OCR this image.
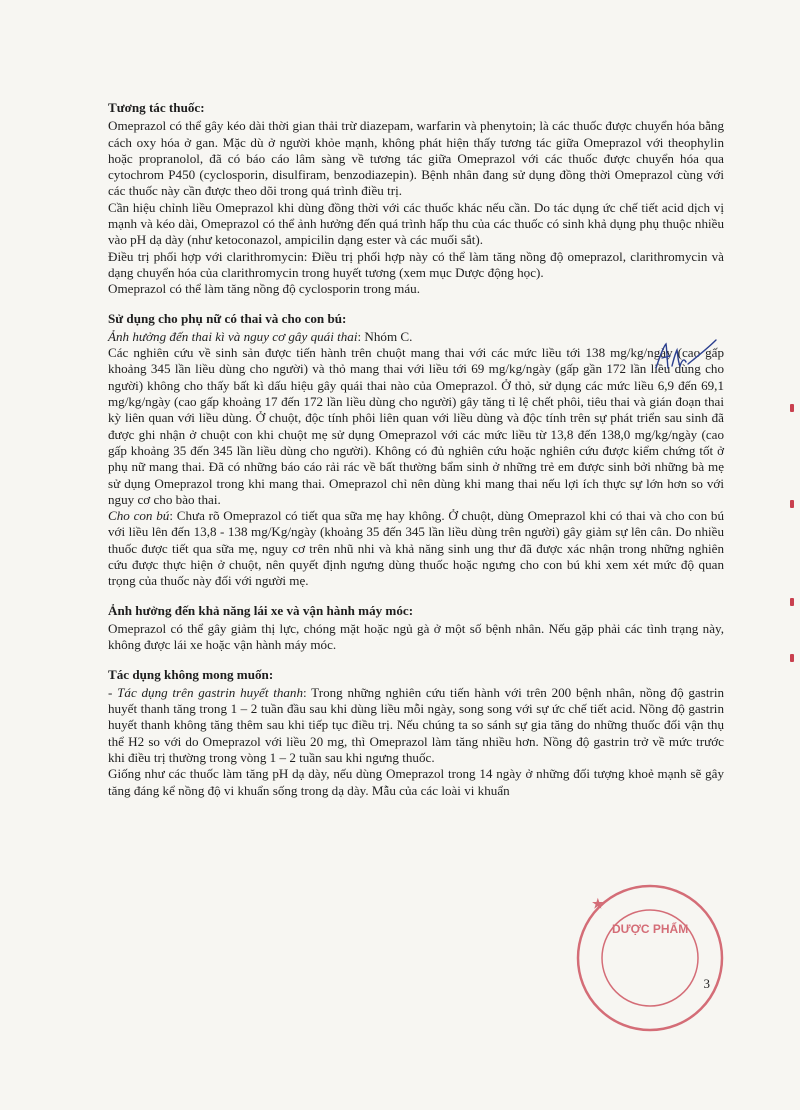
Tương tác thuốc:

Omeprazol có thể gây kéo dài thời gian thải trừ diazepam, warfarin và phenytoin; là các thuốc được chuyển hóa bằng cách oxy hóa ở gan. Mặc dù ở người khỏe mạnh, không phát hiện thấy tương tác giữa Omeprazol với theophylin hoặc propranolol, đã có báo cáo lâm sàng về tương tác giữa Omeprazol với các thuốc được chuyển hóa qua cytochrom P450 (cyclosporin, disulfiram, benzodiazepin). Bệnh nhân đang sử dụng đồng thời Omeprazol cùng với các thuốc này cần được theo dõi trong quá trình điều trị.

Cần hiệu chỉnh liều Omeprazol khi dùng đồng thời với các thuốc khác nếu cần. Do tác dụng ức chế tiết acid dịch vị mạnh và kéo dài, Omeprazol có thể ảnh hưởng đến quá trình hấp thu của các thuốc có sinh khả dụng phụ thuộc nhiều vào pH dạ dày (như ketoconazol, ampicilin dạng ester và các muối sắt).

Điều trị phối hợp với clarithromycin: Điều trị phối hợp này có thể làm tăng nồng độ omeprazol, clarithromycin và dạng chuyển hóa của clarithromycin trong huyết tương (xem mục Dược động học).

Omeprazol có thể làm tăng nồng độ cyclosporin trong máu.

Sử dụng cho phụ nữ có thai và cho con bú:

Ảnh hưởng đến thai kì và nguy cơ gây quái thai: Nhóm C.

Các nghiên cứu về sinh sản được tiến hành trên chuột mang thai với các mức liều tới 138 mg/kg/ngày (cao gấp khoảng 345 lần liều dùng cho người) và thỏ mang thai với liều tới 69 mg/kg/ngày (gấp gần 172 lần liều dùng cho người) không cho thấy bất kì dấu hiệu gây quái thai nào của Omeprazol. Ở thỏ, sử dụng các mức liều 6,9 đến 69,1 mg/kg/ngày (cao gấp khoảng 17 đến 172 lần liều dùng cho người) gây tăng tỉ lệ chết phôi, tiêu thai và gián đoạn thai kỳ liên quan với liều dùng. Ở chuột, độc tính phôi liên quan với liều dùng và độc tính trên sự phát triển sau sinh đã được ghi nhận ở chuột con khi chuột mẹ sử dụng Omeprazol với các mức liều từ 13,8 đến 138,0 mg/kg/ngày (cao gấp khoảng 35 đến 345 lần liều dùng cho người). Không có đủ nghiên cứu hoặc nghiên cứu được kiểm chứng tốt ở phụ nữ mang thai. Đã có những báo cáo rải rác về bất thường bẩm sinh ở những trẻ em được sinh bởi những bà mẹ sử dụng Omeprazol trong khi mang thai. Omeprazol chỉ nên dùng khi mang thai nếu lợi ích thực sự lớn hơn so với nguy cơ cho bào thai.

Cho con bú: Chưa rõ Omeprazol có tiết qua sữa mẹ hay không. Ở chuột, dùng Omeprazol khi có thai và cho con bú với liều lên đến 13,8 - 138 mg/Kg/ngày (khoảng 35 đến 345 lần liều dùng trên người) gây giảm sự lên cân. Do nhiều thuốc được tiết qua sữa mẹ, nguy cơ trên nhũ nhi và khả năng sinh ung thư đã được xác nhận trong những nghiên cứu được thực hiện ở chuột, nên quyết định ngưng dùng thuốc hoặc ngưng cho con bú khi xem xét mức độ quan trọng của thuốc này đối với người mẹ.

Ảnh hưởng đến khả năng lái xe và vận hành máy móc:

Omeprazol có thể gây giảm thị lực, chóng mặt hoặc ngủ gà ở một số bệnh nhân. Nếu gặp phải các tình trạng này, không được lái xe hoặc vận hành máy móc.

Tác dụng không mong muốn:

- Tác dụng trên gastrin huyết thanh: Trong những nghiên cứu tiến hành với trên 200 bệnh nhân, nồng độ gastrin huyết thanh tăng trong 1 – 2 tuần đầu sau khi dùng liều mỗi ngày, song song với sự ức chế tiết acid. Nồng độ gastrin huyết thanh không tăng thêm sau khi tiếp tục điều trị. Nếu chúng ta so sánh sự gia tăng do những thuốc đối vận thụ thể H2 so với do Omeprazol với liều 20 mg, thì Omeprazol làm tăng nhiều hơn. Nồng độ gastrin trở về mức trước khi điều trị thường trong vòng 1 – 2 tuần sau khi ngưng thuốc.

Giống như các thuốc làm tăng pH dạ dày, nếu dùng Omeprazol trong 14 ngày ở những đối tượng khoẻ mạnh sẽ gây tăng đáng kể nồng độ vi khuẩn sống trong dạ dày. Mẫu của các loài vi khuẩn

★
DƯỢC PHẨM
3
